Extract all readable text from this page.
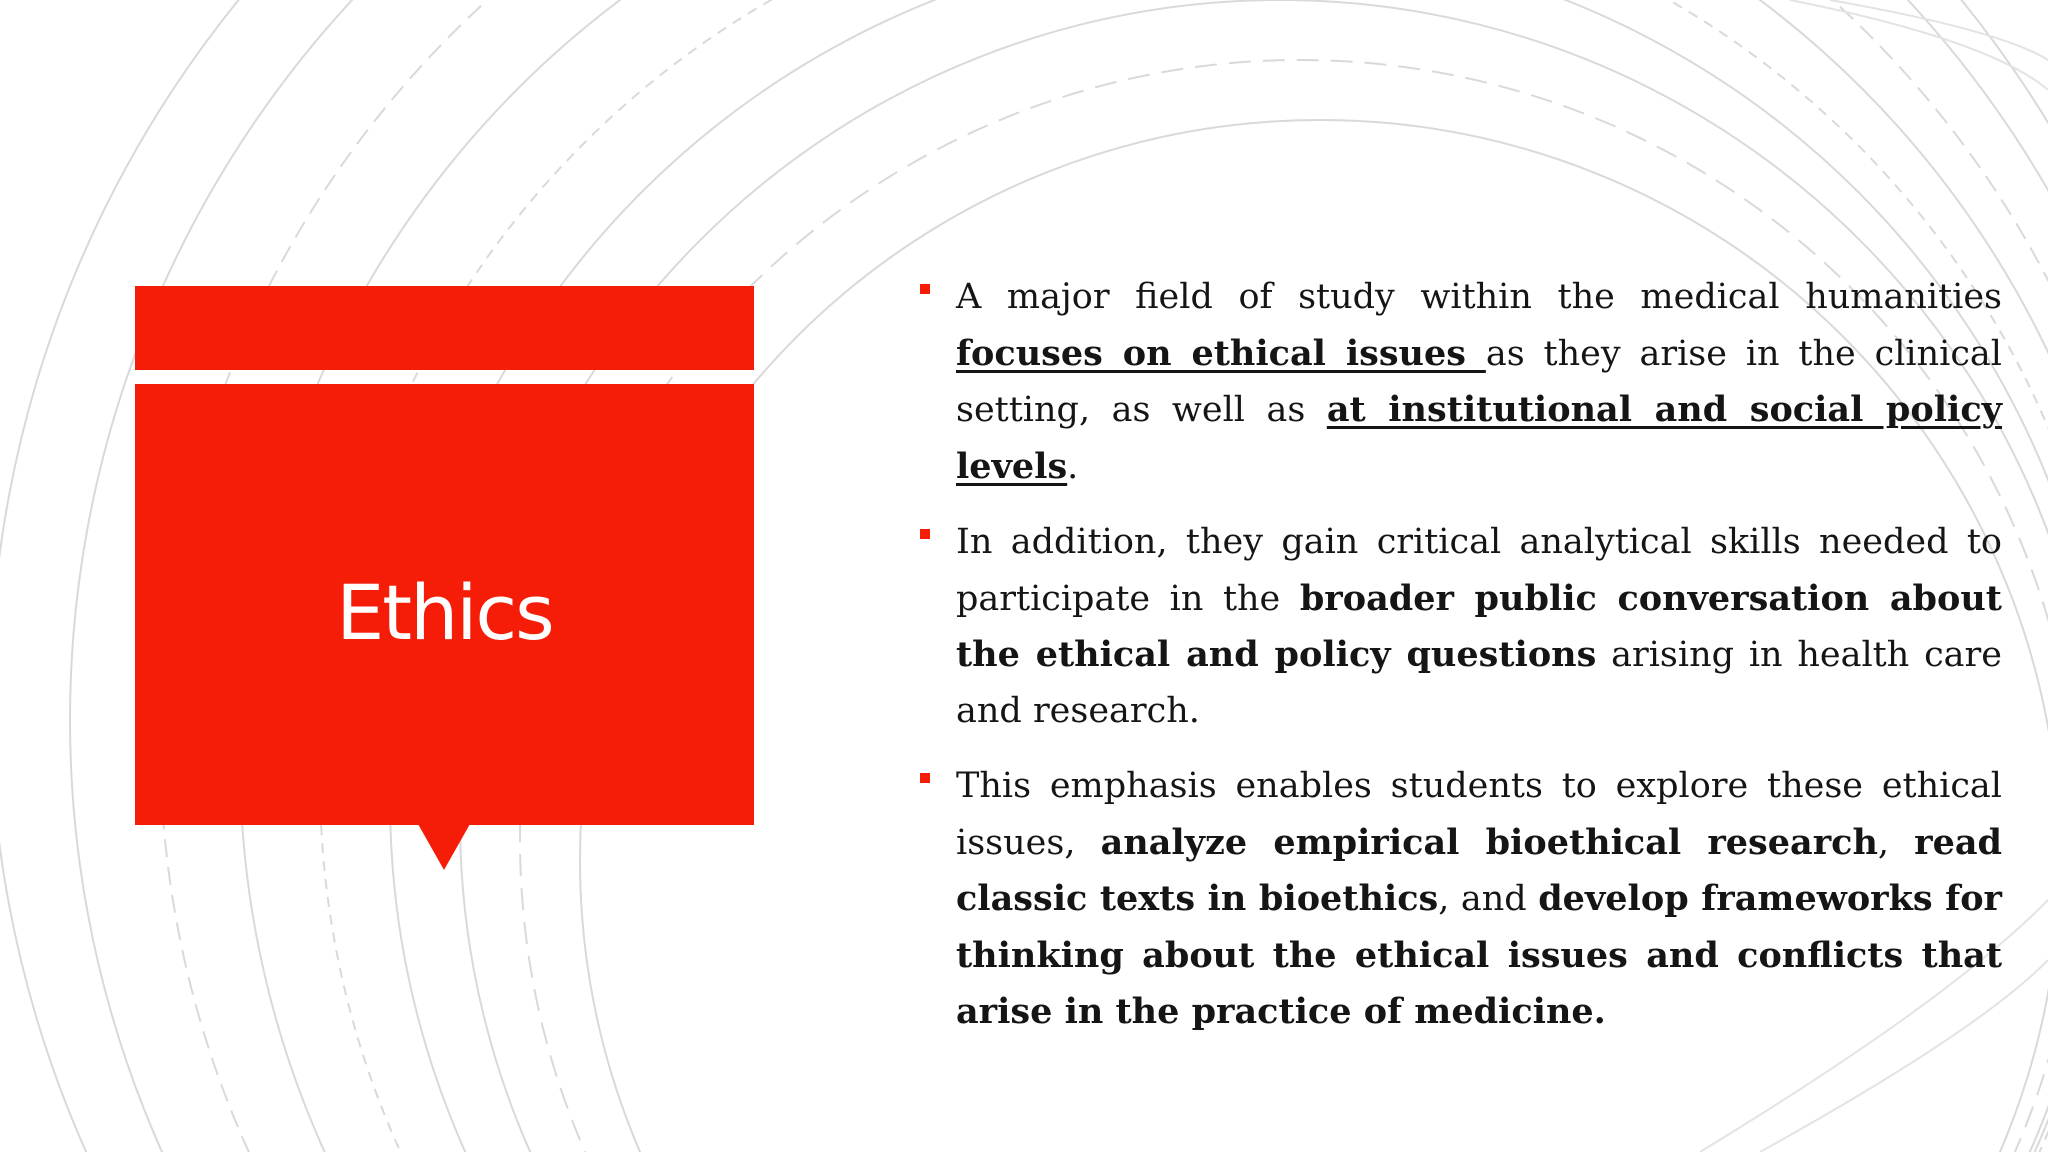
Ethics
A major field of study within the medical humanities focuses on ethical issues as they arise in the clinical setting, as well as at institutional and social policy levels.
In addition, they gain critical analytical skills needed to participate in the broader public conversation about the ethical and policy questions arising in health care and research.
This emphasis enables students to explore these ethical issues, analyze empirical bioethical research, read classic texts in bioethics, and develop frameworks for thinking about the ethical issues and conflicts that arise in the practice of medicine.
